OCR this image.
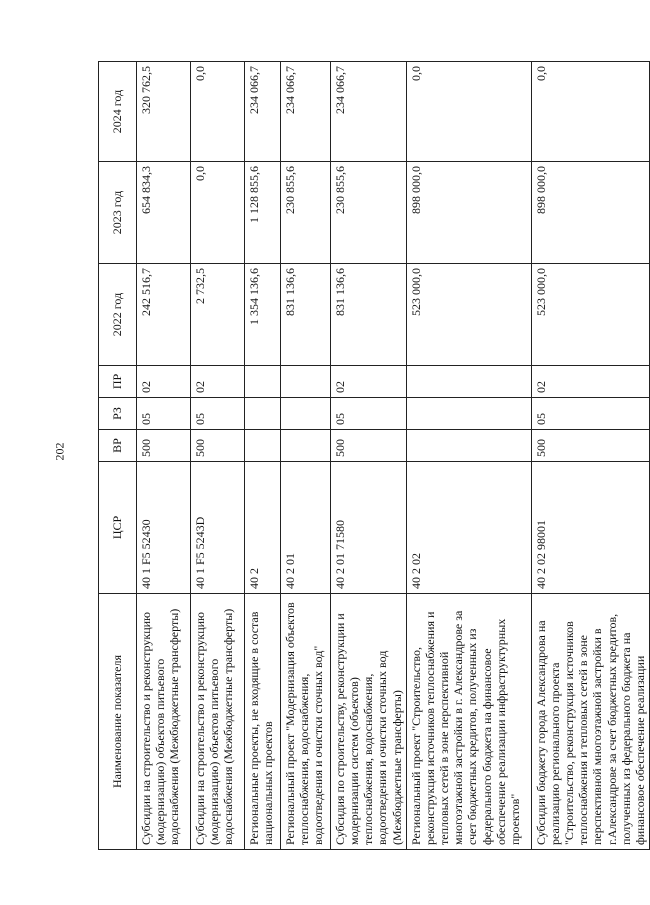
202
Наименование показателя	ЦСР	ВР	РЗ	ПР	2022 год	2023 год	2024 год
Субсидии на строительство и реконструкцию (модернизацию) объектов питьевого водоснабжения (Межбюджетные трансферты)	40 1 F5 52430	500	05	02	242 516,7	654 834,3	320 762,5
Субсидии на строительство и реконструкцию (модернизацию) объектов питьевого водоснабжения (Межбюджетные трансферты)	40 1 F5 5243D	500	05	02	2 732,5	0,0	0,0
Региональные проекты, не входящие в состав национальных проектов	40 2				1 354 136,6	1 128 855,6	234 066,7
Региональный проект "Модернизация объектов теплоснабжения, водоснабжения, водоотведения и очистки сточных вод"	40 2 01				831 136,6	230 855,6	234 066,7
Субсидия по строительству, реконструкции и модернизации систем (объектов) теплоснабжения, водоснабжения, водоотведения и очистки сточных вод (Межбюджетные трансферты)	40 2 01 71580	500	05	02	831 136,6	230 855,6	234 066,7
Региональный проект "Строительство, реконструкция источников теплоснабжения и тепловых сетей в зоне перспективной многоэтажной застройки в г. Александрове за счет бюджетных кредитов, полученных из федерального бюджета на финансовое обеспечение реализации инфраструктурных проектов"	40 2 02				523 000,0	898 000,0	0,0
Субсидии бюджету города Александрова на реализацию регионального проекта "Строительство, реконструкция источников теплоснабжения и тепловых сетей в зоне перспективной многоэтажной застройки в г.Александрове за счет бюджетных кредитов, полученных из федерального бюджета на финансовое обеспечение реализации	40 2 02 98001	500	05	02	523 000,0	898 000,0	0,0
